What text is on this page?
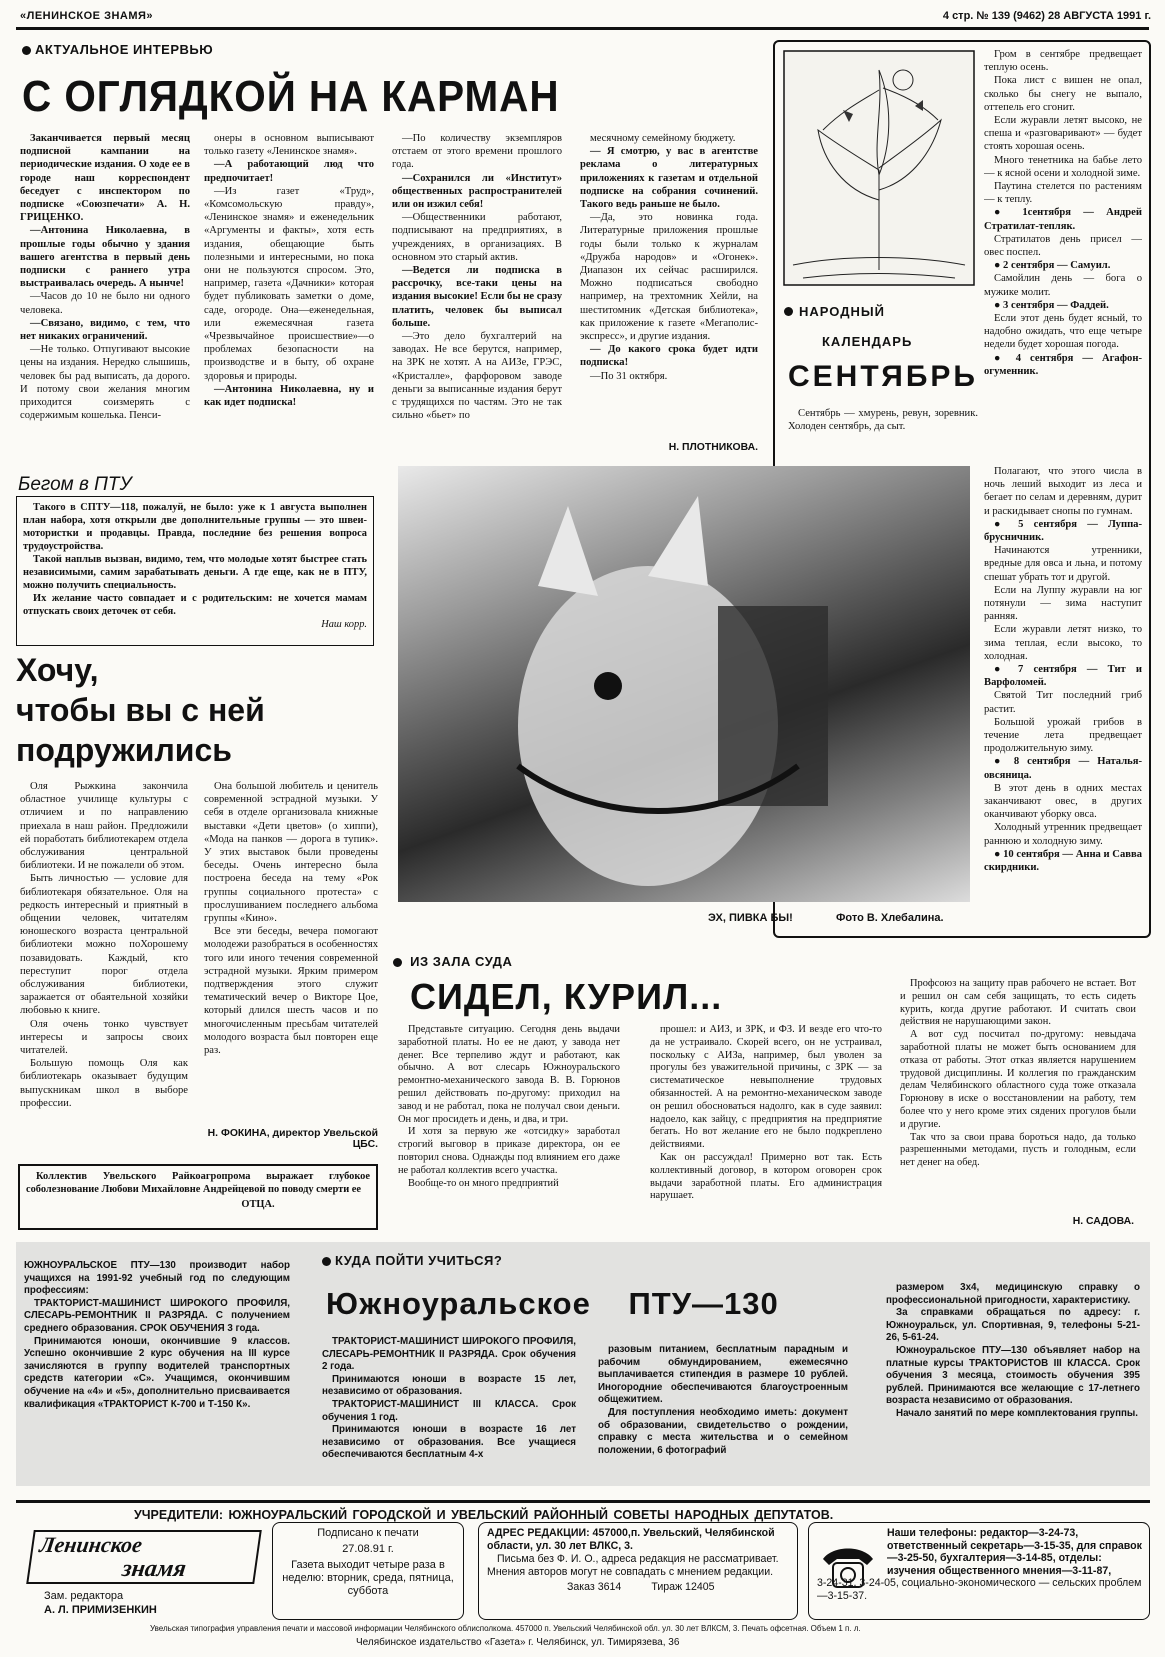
«ЛЕНИНСКОЕ ЗНАМЯ»	4 стр. № 139 (9462) 28 АВГУСТА 1991 г.
АКТУАЛЬНОЕ ИНТЕРВЬЮ
С ОГЛЯДКОЙ НА КАРМАН

Заканчивается первый месяц подписной кампании на периодические издания. О ходе ее в городе наш корреспондент беседует с инспектором по подписке «Союзпечати» А. Н. ГРИЦЕНКО.

—Антонина Николаевна, в прошлые годы обычно у здания вашего агентства в первый день подписки с раннего утра выстраивалась очередь. А нынче!

—Часов до 10 не было ни одного человека.

—Связано, видимо, с тем, что нет никаких ограничений.

—Не только. Отпугивают высокие цены на издания. Нередко слышишь, человек бы рад выписать, да дорого. И потому свои желания многим приходится соизмерять с содержимым кошелька. Пенси-

онеры в основном выписывают только газету «Ленинское знамя».

—А работающий люд что предпочитает!

—Из газет «Труд», «Комсомольскую правду», «Ленинское знамя» и еженедельник «Аргументы и факты», хотя есть издания, обещающие быть полезными и интересными, но пока они не пользуются спросом. Это, например, газета «Дачники» которая будет публиковать заметки о доме, саде, огороде. Она—еженедельная, или ежемесячная газета «Чрезвычайное происшествие»—о проблемах безопасности на производстве и в быту, об охране здоровья и природы.

—Антонина Николаевна, ну и как идет подписка!

—По количеству экземпляров отстаем от этого времени прошлого года.

—Сохранился ли «Институт» общественных распространителей или он изжил себя!

—Общественники работают, подписывают на предприятиях, в учреждениях, в организациях. В основном это старый актив.

—Ведется ли подписка в рассрочку, все-таки цены на издания высокие! Если бы не сразу платить, человек бы выписал больше.

—Это дело бухгалтерий на заводах. Не все берутся, например, на ЗРК не хотят. А на АИЗе, ГРЭС, «Кристалле», фарфоровом заводе деньги за выписанные издания берут с трудящихся по частям. Это не так сильно «бьет» по

месячному семейному бюджету.

— Я смотрю, у вас в агентстве реклама о литературных приложениях к газетам и отдельной подписке на собрания сочинений. Такого ведь раньше не было.

—Да, это новинка года. Литературные приложения прошлые годы были только к журналам «Дружба народов» и «Огонек». Диапазон их сейчас расширился. Можно подписаться свободно например, на трехтомник Хейли, на шеститомник «Детская библиотека», как приложение к газете «Мегаполис-экспресс», и другие издания.

— До какого срока будет идти подписка!

—По 31 октября.

Н. ПЛОТНИКОВА.
НАРОДНЫЙ
КАЛЕНДАРЬ
СЕНТЯБРЬ

Сентябрь — хмурень, ревун, зоревник. Холоден сентябрь, да сыт.

Гром в сентябре предвещает теплую осень.

Пока лист с вишен не опал, сколько бы снегу не выпало, оттепель его сгонит.

Если журавли летят высоко, не спеша и «разговаривают» — будет стоять хорошая осень.

Много тенетника на бабье лето — к ясной осени и холодной зиме.

Паутина стелется по растениям — к теплу.

● 1сентября — Андрей Стратилат-тепляк.

Стратилатов день присел — овес поспел.

● 2 сентября — Самуил.

Самойлин день — бога о мужике молит.

● 3 сентября — Фаддей.

Если этот день будет ясный, то надобно ожидать, что еще четыре недели будет хорошая погода.

● 4 сентября — Агафон-огуменник.

Полагают, что этого числа в ночь леший выходит из леса и бегает по селам и деревням, дурит и раскидывает снопы по гумнам.

● 5 сентября — Луппа-брусничник.

Начинаются утренники, вредные для овса и льна, и потому спешат убрать тот и другой.

Если на Луппу журавли на юг потянули — зима наступит ранняя.

Если журавли летят низко, то зима теплая, если высоко, то холодная.

● 7 сентября — Тит и Варфоломей.

Святой Тит последний гриб растит.

Большой урожай грибов в течение лета предвещает продолжительную зиму.

● 8 сентября — Наталья-овсяница.

В этот день в одних местах заканчивают овес, в других оканчивают уборку овса.

Холодный утренник предвещает раннюю и холодную зиму.

● 10 сентября — Анна и Савва скирдники.

Бегом в ПТУ

Такого в СПТУ—118, пожалуй, не было: уже к 1 августа выполнен план набора, хотя открыли две дополнительные группы — это швеи-мотористки и продавцы. Правда, последние без решения вопроса трудоустройства.

Такой наплыв вызван, видимо, тем, что молодые хотят быстрее стать независимыми, самим зарабатывать деньги. А где еще, как не в ПТУ, можно получить специальность.

Их желание часто совпадает и с родительским: не хочется мамам отпускать своих деточек от себя.

Наш корр.
ЭХ, ПИВКА БЫ!	Фото В. Хлебалина.
Хочу,
чтобы вы с ней
подружились

Оля Рыжкина закончила областное училище культуры с отличием и по направлению приехала в наш район. Предложили ей поработать библиотекарем отдела обслуживания центральной библиотеки. И не пожалели об этом.

Быть личностью — условие для библиотекаря обязательное. Оля на редкость интересный и приятный в общении человек, читателям юношеского возраста центральной библиотеки можно поХорошему позавидовать. Каждый, кто переступит порог отдела обслуживания библиотеки, заражается от обаятельной хозяйки любовью к книге.

Оля очень тонко чувствует интересы и запросы своих читателей.

Большую помощь Оля как библиотекарь оказывает будущим выпускникам школ в выборе профессии.

Она большой любитель и ценитель современной эстрадной музыки. У себя в отделе организовала книжные выставки «Дети цветов» (о хиппи), «Мода на панков — дорога в тупик». У этих выставок были проведены беседы. Очень интересно была построена беседа на тему «Рок группы социального протеста» с прослушиванием последнего альбома группы «Кино».

Все эти беседы, вечера помогают молодежи разобраться в особенностях того или иного течения современной эстрадной музыки. Ярким примером подтверждения этого служит тематический вечер о Викторе Цое, который длился шесть часов и по многочисленным пресьбам читателей молодого возраста был повторен еще раз.

Н. ФОКИНА, директор Увельской ЦБС.

Коллектив Увельского Райкоагропрома выражает глубокое соболезнование Любови Михайловне Андрейцевой по поводу смерти ее

ОТЦА.
ИЗ ЗАЛА СУДА
СИДЕЛ, КУРИЛ...

Представьте ситуацию. Сегодня день выдачи заработной платы. Но ее не дают, у завода нет денег. Все терпеливо ждут и работают, как обычно. А вот слесарь Южноуральского ремонтно-механического завода В. В. Горюнов решил действовать по-другому: приходил на завод и не работал, пока не получал свои деньги. Он мог просидеть и день, и два, и три.

И хотя за первую же «отсидку» заработал строгий выговор в приказе директора, он ее повторил снова. Однажды под влиянием его даже не работал коллектив всего участка.

Вообще-то он много предприятий

прошел: и АИЗ, и ЗРК, и ФЗ. И везде его что-то да не устраивало. Скорей всего, он не устраивал, поскольку с АИЗа, например, был уволен за прогулы без уважительной причины, с ЗРК — за систематическое невыполнение трудовых обязанностей. А на ремонтно-механическом заводе он решил обосноваться надолго, как в суде заявил: надоело, как зайцу, с предприятия на предприятие бегать. Но вот желание его не было подкреплено действиями.

Как он рассуждал! Примерно вот так. Есть коллективный договор, в котором оговорен срок выдачи заработной платы. Его администрация нарушает.

Профсоюз на защиту прав рабочего не встает. Вот и решил он сам себя защищать, то есть сидеть курить, когда другие работают. И считать свои действия не нарушающими закон.

А вот суд посчитал по-другому: невыдача заработной платы не может быть основанием для отказа от работы. Этот отказ является нарушением трудовой дисциплины. И коллегия по гражданским делам Челябинского областного суда тоже отказала Горюнову в иске о восстановлении на работу, тем более что у него кроме этих сядених прогулов были и другие.

Так что за свои права бороться надо, да только разрешенными методами, пусть и голодным, если нет денег на обед.

Н. САДОВА.

ЮЖНОУРАЛЬСКОЕ ПТУ—130 производит набор учащихся на 1991-92 учебный год по следующим профессиям:

ТРАКТОРИСТ-МАШИНИСТ ШИРОКОГО ПРОФИЛЯ, СЛЕСАРЬ-РЕМОНТНИК II РАЗРЯДА. С получением среднего образования. СРОК ОБУЧЕНИЯ 3 года.

Принимаются юноши, окончившие 9 классов. Успешно окончившие 2 курс обучения на III курсе зачисляются в группу водителей транспортных средств категории «С». Учащимся, окончившим обучение на «4» и «5», дополнительно присваивается квалификация «ТРАКТОРИСТ К-700 и Т-150 К».

КУДА ПОЙТИ УЧИТЬСЯ?
Южноуральское ПТУ—130

ТРАКТОРИСТ-МАШИНИСТ ШИРОКОГО ПРОФИЛЯ, СЛЕСАРЬ-РЕМОНТНИК II РАЗРЯДА. Срок обучения 2 года.

Принимаются юноши в возрасте 15 лет, независимо от образования.

ТРАКТОРИСТ-МАШИНИСТ III КЛАССА. Срок обучения 1 год.

Принимаются юноши в возрасте 16 лет независимо от образования. Все учащиеся обеспечиваются бесплатным 4-х

разовым питанием, бесплатным парадным и рабочим обмундированием, ежемесячно выплачивается стипендия в размере 10 рублей. Иногородние обеспечиваются благоустроенным общежитием.

Для поступления необходимо иметь: документ об образовании, свидетельство о рождении, справку с места жительства и о семейном положении, 6 фотографий

размером 3х4, медицинскую справку о профессиональной пригодности, характеристику.

За справками обращаться по адресу: г. Южноуральск, ул. Спортивная, 9, телефоны 5-21-26, 5-61-24.

Южноуральское ПТУ—130 объявляет набор на платные курсы ТРАКТОРИСТОВ III КЛАССА. Срок обучения 3 месяца, стоимость обучения 395 рублей. Принимаются все желающие с 17-летнего возраста независимо от образования.

Начало занятий по мере комплектования группы.

УЧРЕДИТЕЛИ: ЮЖНОУРАЛЬСКИЙ ГОРОДСКОЙ И УВЕЛЬСКИЙ РАЙОННЫЙ СОВЕТЫ НАРОДНЫХ ДЕПУТАТОВ.
Ленинское
знамя
Зам. редактора
А. Л. ПРИМИЗЕНКИН
Подписано к печати
27.08.91 г.
Газета выходит четыре раза в неделю: вторник, среда, пятница, суббота
АДРЕС РЕДАКЦИИ: 457000,п. Увельский, Челябинской области, ул. 30 лет ВЛКС, 3.
Письма без Ф. И. О., адреса редакция не рассматривает. Мнения авторов могут не совпадать с мнением редакции.
Заказ 3614	Тираж 12405
Наши телефоны: редактор—3-24-73, ответственный секретарь—3-15-35, для справок—3-25-50, бухгалтерия—3-14-85, отделы: изучения общественного мнения—3-11-87,
3-24-31, 3-24-05, социально-экономического — сельских проблем—3-15-37.
Увельская типография управления печати и массовой информации Челябинского облисполкома. 457000 п. Увельский Челябинской обл. ул. 30 лет ВЛКСМ, 3. Печать офсетная. Объем 1 п. л.
Челябинское издательство «Газета» г. Челябинск, ул. Тимирязева, 36
